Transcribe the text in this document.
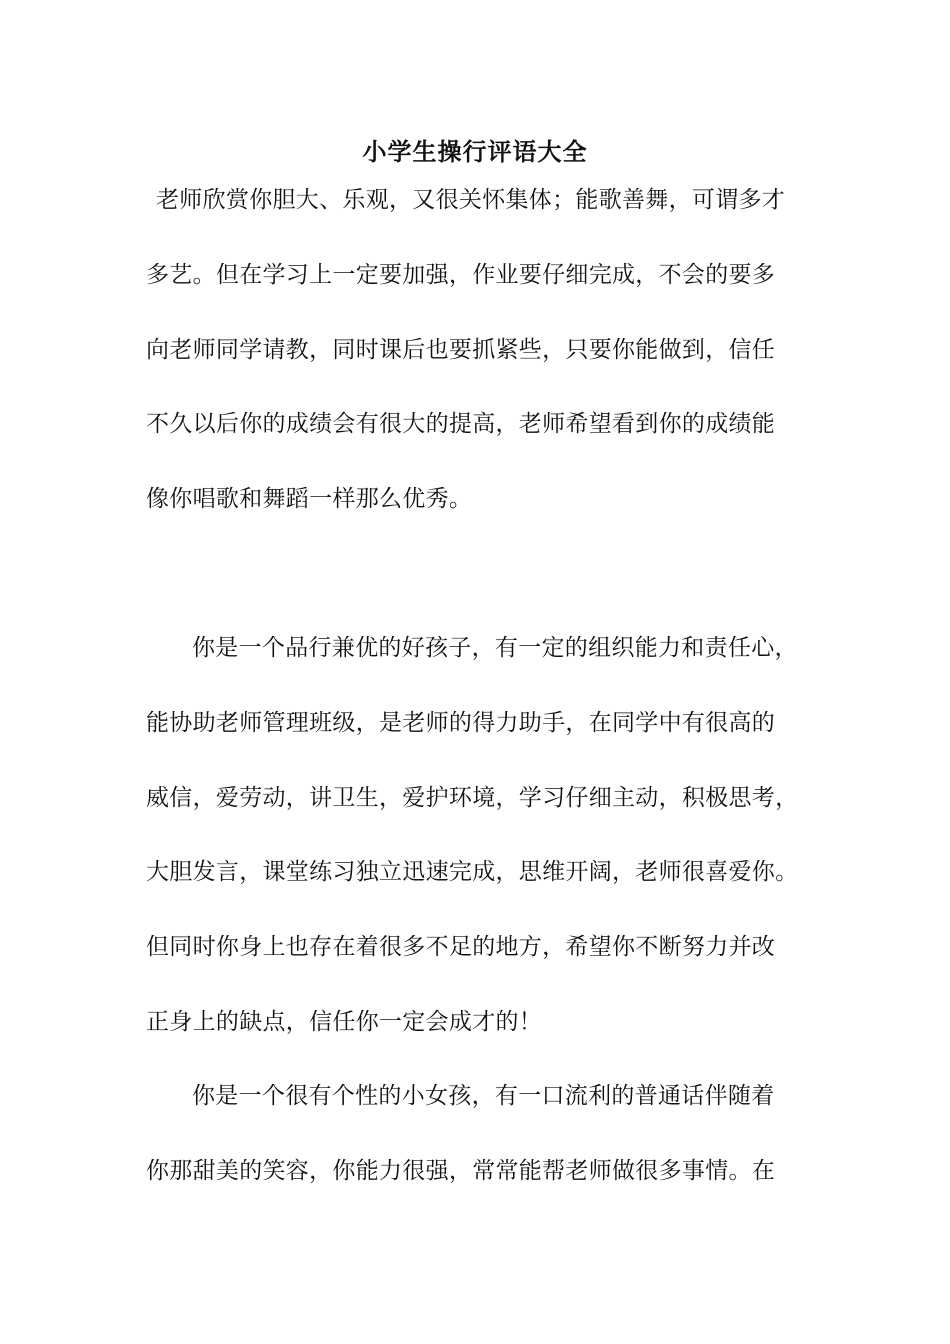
小学生操行评语大全
老师欣赏你胆大、乐观，又很关怀集体；能歌善舞，可谓多才
多艺。但在学习上一定要加强，作业要仔细完成，不会的要多
向老师同学请教，同时课后也要抓紧些，只要你能做到，信任
不久以后你的成绩会有很大的提高，老师希望看到你的成绩能
像你唱歌和舞蹈一样那么优秀。
你是一个品行兼优的好孩子，有一定的组织能力和责任心，
能协助老师管理班级，是老师的得力助手，在同学中有很高的
威信，爱劳动，讲卫生，爱护环境，学习仔细主动，积极思考，
大胆发言，课堂练习独立迅速完成，思维开阔，老师很喜爱你。
但同时你身上也存在着很多不足的地方，希望你不断努力并改
正身上的缺点，信任你一定会成才的！
你是一个很有个性的小女孩，有一口流利的普通话伴随着
你那甜美的笑容，你能力很强，常常能帮老师做很多事情。在
